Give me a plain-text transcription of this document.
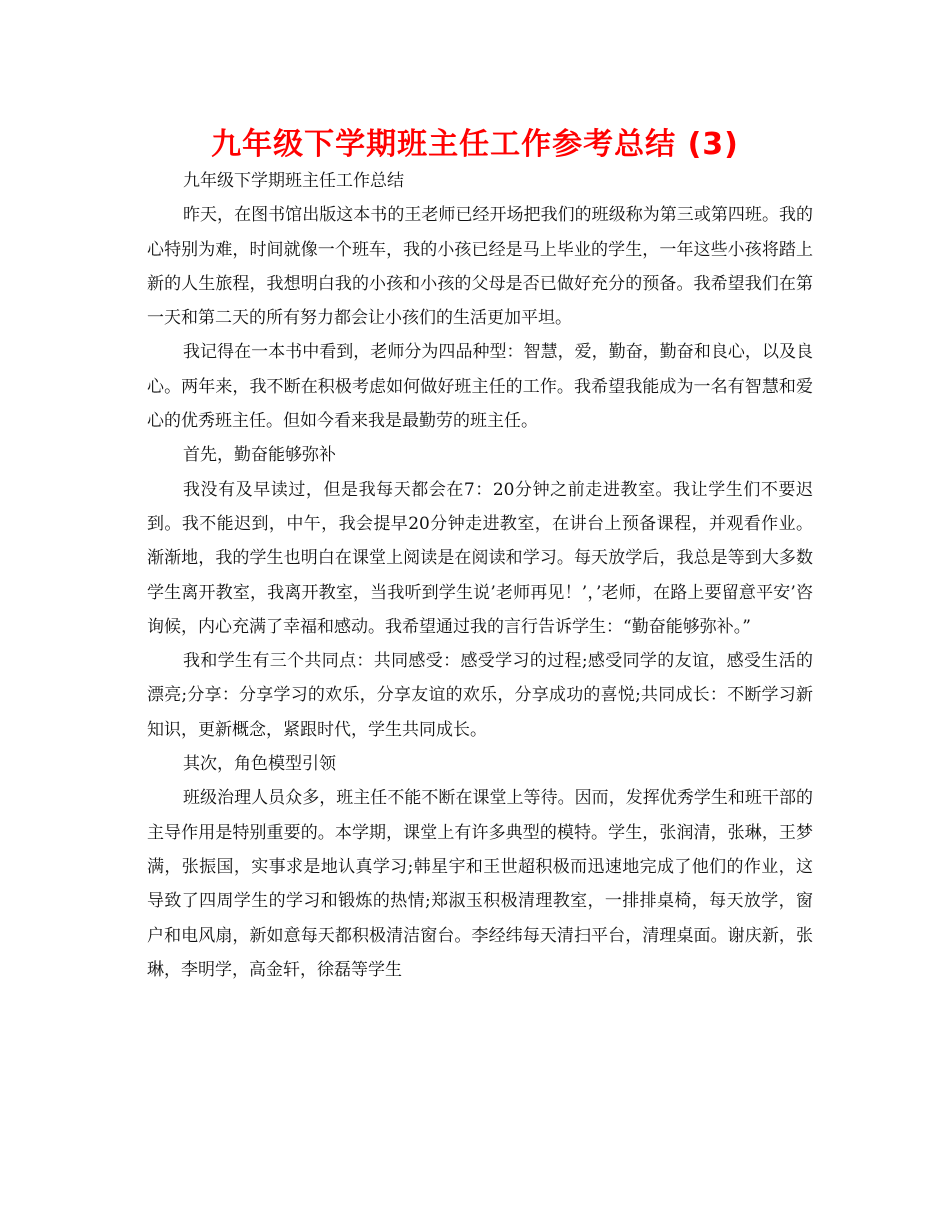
九年级下学期班主任工作参考总结 (3)

九年级下学期班主任工作总结

昨天，在图书馆出版这本书的王老师已经开场把我们的班级称为第三或第四班。我的心特别为难，时间就像一个班车，我的小孩已经是马上毕业的学生，一年这些小孩将踏上新的人生旅程，我想明白我的小孩和小孩的父母是否已做好充分的预备。我希望我们在第一天和第二天的所有努力都会让小孩们的生活更加平坦。

我记得在一本书中看到，老师分为四品种型：智慧，爱，勤奋，勤奋和良心，以及良心。两年来，我不断在积极考虑如何做好班主任的工作。我希望我能成为一名有智慧和爱心的优秀班主任。但如今看来我是最勤劳的班主任。

首先，勤奋能够弥补

我没有及早读过，但是我每天都会在7：20分钟之前走进教室。我让学生们不要迟到。我不能迟到，中午，我会提早20分钟走进教室，在讲台上预备课程，并观看作业。渐渐地，我的学生也明白在课堂上阅读是在阅读和学习。每天放学后，我总是等到大多数学生离开教室，我离开教室，当我听到学生说’老师再见！’，’老师，在路上要留意平安’咨询候，内心充满了幸福和感动。我希望通过我的言行告诉学生：“勤奋能够弥补。”

我和学生有三个共同点：共同感受：感受学习的过程;感受同学的友谊，感受生活的漂亮;分享：分享学习的欢乐，分享友谊的欢乐，分享成功的喜悦;共同成长：不断学习新知识，更新概念，紧跟时代，学生共同成长。

其次，角色模型引领

班级治理人员众多，班主任不能不断在课堂上等待。因而，发挥优秀学生和班干部的主导作用是特别重要的。本学期，课堂上有许多典型的模特。学生，张润清，张琳，王梦满，张振国，实事求是地认真学习;韩星宇和王世超积极而迅速地完成了他们的作业，这导致了四周学生的学习和锻炼的热情;郑淑玉积极清理教室，一排排桌椅，每天放学，窗户和电风扇，新如意每天都积极清洁窗台。李经纬每天清扫平台，清理桌面。谢庆新，张琳，李明学，高金轩，徐磊等学生
